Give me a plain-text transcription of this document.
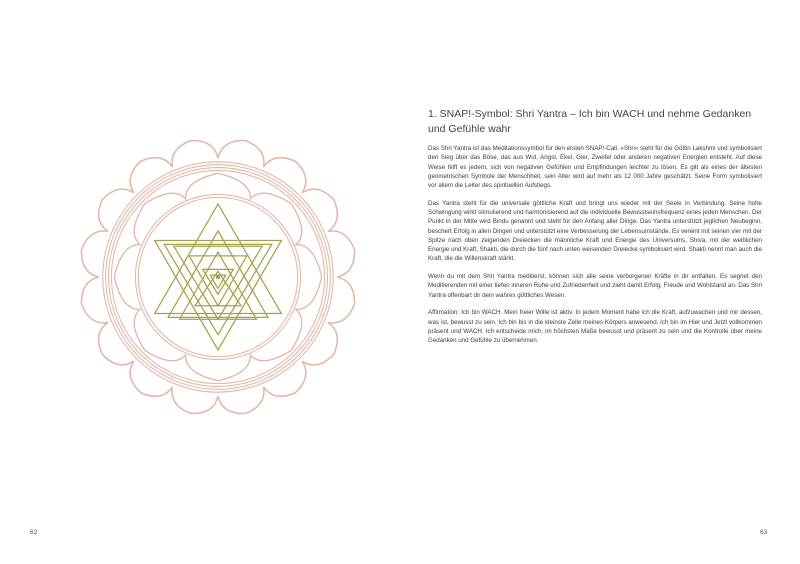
62
1. SNAP!-Symbol: Shri Yantra – Ich bin WACH und nehme Gedanken und Gefühle wahr

Das Shri Yantra ist das Meditationssymbol für den ersten SNAP!-Call. »Shri« steht für die Göttin Lakshmi und symbolisiert den Sieg über das Böse, das aus Wut, Angst, Ekel, Gier, Zweifel oder anderen negativen Energien entsteht. Auf diese Weise hilft es jedem, sich von negativen Gefühlen und Empfindungen leichter zu lösen. Es gilt als eines der ältesten geometrischen Symbole der Menschheit, sein Alter wird auf mehr als 12 000 Jahre geschätzt. Seine Form symbolisiert vor allem die Leiter des spirituellen Aufstiegs.

Das Yantra steht für die universale göttliche Kraft und bringt uns wieder mit der Seele in Verbindung. Seine hohe Schwingung wirkt stimulierend und harmonisierend auf die individuelle Bewusstseinsfrequenz eines jeden Menschen. Der Punkt in der Mitte wird Bindu genannt und steht für den Anfang aller Dinge. Das Yantra unterstützt jeglichen Neubeginn, beschert Erfolg in allen Dingen und unterstützt eine Verbesserung der Lebensumstände. Es vereint mit seinen vier mit der Spitze nach oben zeigenden Dreiecken die männliche Kraft und Energie des Universums, Shiva, mit der weiblichen Energie und Kraft, Shakti, die durch die fünf nach unten weisenden Dreiecke symbolisiert wird. Shakti nennt man auch die Kraft, die die Willenskraft stärkt.

Wenn du mit dem Shri Yantra meditierst, können sich alle seine verborgenen Kräfte in dir entfalten. Es segnet den Meditierenden mit einer tiefen inneren Ruhe und Zufriedenheit und zieht damit Erfolg, Freude und Wohlstand an. Das Shri Yantra offenbart dir dein wahres göttliches Wesen.

Affirmation: Ich bin WACH. Mein freier Wille ist aktiv. In jedem Moment habe ich die Kraft, aufzuwachen und mir dessen, was ist, bewusst zu sein. Ich bin bis in die kleinste Zelle meines Körpers anwesend. Ich bin im Hier und Jetzt vollkommen präsent und WACH. Ich entscheide mich, im höchsten Maße bewusst und präsent zu sein und die Kontrolle über meine Gedanken und Gefühle zu übernehmen.

63
